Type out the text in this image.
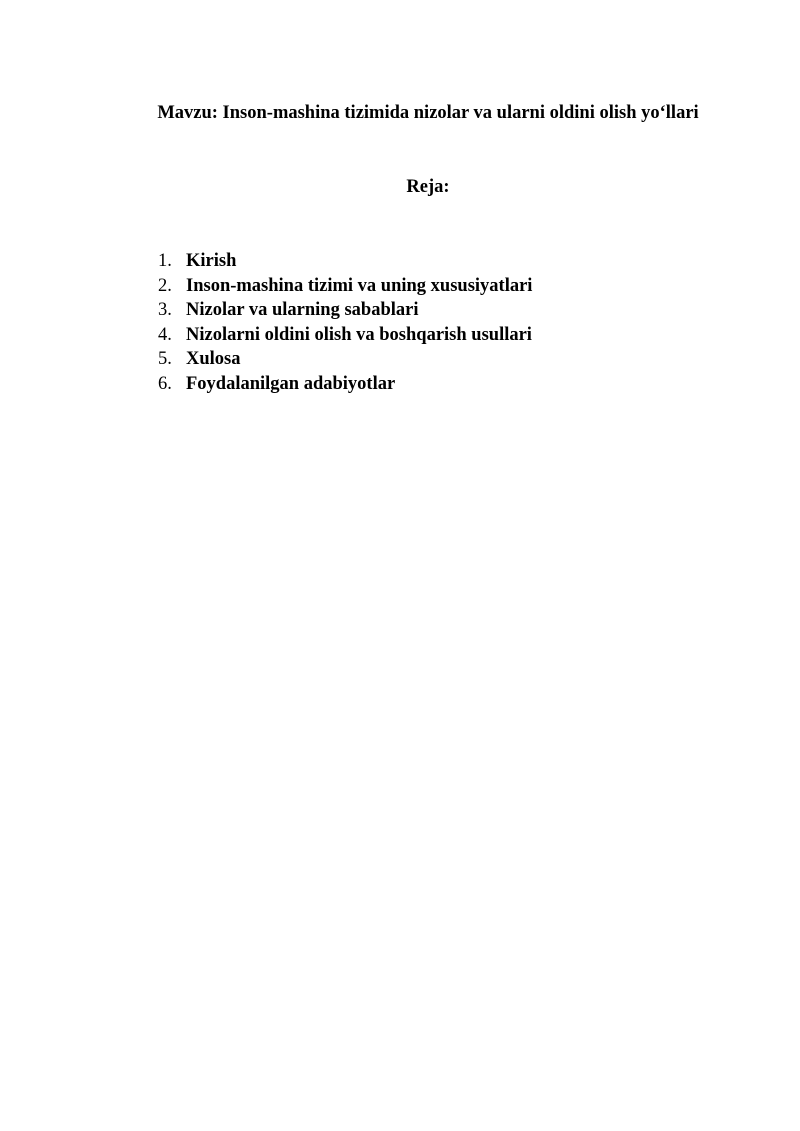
Mavzu: Inson-mashina tizimida nizolar va ularni oldini olish yo‘llari
Reja:
1. Kirish
2. Inson-mashina tizimi va uning xususiyatlari
3. Nizolar va ularning sabablari
4. Nizolarni oldini olish va boshqarish usullari
5. Xulosa
6. Foydalanilgan adabiyotlar
